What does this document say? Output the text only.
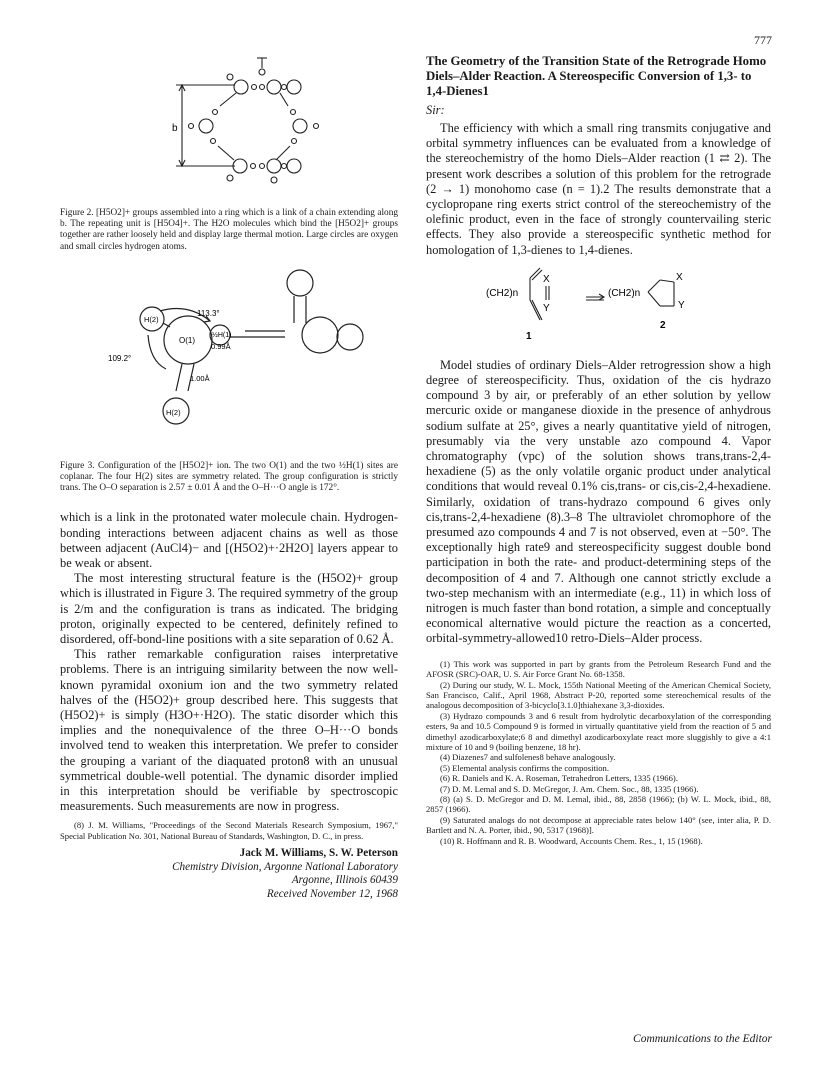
777
b

Figure 2. [H5O2]+ groups assembled into a ring which is a link of a chain extending along b. The repeating unit is [H5O4]+. The H2O molecules which bind the [H5O2]+ groups together are rather loosely held and display large thermal motion. Large circles are oxygen and small circles hydrogen atoms.

113.3°
H(2)
½H(1)
O(1)
0.99Å
109.2°
1.00Å
H(2)

Figure 3. Configuration of the [H5O2]+ ion. The two O(1) and the two ½H(1) sites are coplanar. The four H(2) sites are symmetry related. The group configuration is strictly trans. The O–O separation is 2.57 ± 0.01 Å and the O–H···O angle is 172°.

which is a link in the protonated water molecule chain. Hydrogen-bonding interactions between adjacent chains as well as those between adjacent (AuCl4)− and [(H5O2)+·2H2O] layers appear to be weak or absent.

The most interesting structural feature is the (H5O2)+ group which is illustrated in Figure 3. The required symmetry of the group is 2/m and the configuration is trans as indicated. The bridging proton, originally expected to be centered, definitely refined to disordered, off-bond-line positions with a site separation of 0.62 Å.

This rather remarkable configuration raises interpretative problems. There is an intriguing similarity between the now well-known pyramidal oxonium ion and the two symmetry related halves of the (H5O2)+ group described here. This suggests that (H5O2)+ is simply (H3O+·H2O). The static disorder which this implies and the nonequivalence of the three O–H···O bonds involved tend to weaken this interpretation. We prefer to consider the grouping a variant of the diaquated proton8 with an unusual symmetrical double-well potential. The dynamic disorder implied in this interpretation should be verifiable by spectroscopic measurements. Such measurements are now in progress.

(8) J. M. Williams, "Proceedings of the Second Materials Research Symposium, 1967," Special Publication No. 301, National Bureau of Standards, Washington, D. C., in press.

Jack M. Williams, S. W. Peterson

Chemistry Division, Argonne National Laboratory

Argonne, Illinois 60439

Received November 12, 1968

The Geometry of the Transition State of the Retrograde Homo Diels–Alder Reaction. A Stereospecific Conversion of 1,3- to 1,4-Dienes1

Sir:

The efficiency with which a small ring transmits conjugative and orbital symmetry influences can be evaluated from a knowledge of the stereochemistry of the homo Diels–Alder reaction (1 ⇄ 2). The present work describes a solution of this problem for the retrograde (2 → 1) monohomo case (n = 1).2 The results demonstrate that a cyclopropane ring exerts strict control of the stereochemistry of the olefinic product, even in the face of strongly countervailing steric effects. They also provide a stereospecific synthetic method for homologation of 1,3-dienes to 1,4-dienes.

(CH2)n
X
Y
(CH2)n
X
Y
1
2

Model studies of ordinary Diels–Alder retrogression show a high degree of stereospecificity. Thus, oxidation of the cis hydrazo compound 3 by air, or preferably of an ether solution by yellow mercuric oxide or manganese dioxide in the presence of anhydrous sodium sulfate at 25°, gives a nearly quantitative yield of nitrogen, presumably via the very unstable azo compound 4. Vapor chromatography (vpc) of the solution shows trans,trans-2,4-hexadiene (5) as the only volatile organic product under analytical conditions that would reveal 0.1% cis,trans- or cis,cis-2,4-hexadiene. Similarly, oxidation of trans-hydrazo compound 6 gives only cis,trans-2,4-hexadiene (8).3–8 The ultraviolet chromophore of the presumed azo compounds 4 and 7 is not observed, even at −50°. The exceptionally high rate9 and stereospecificity suggest double bond participation in both the rate- and product-determining steps of the decomposition of 4 and 7. Although one cannot strictly exclude a two-step mechanism with an intermediate (e.g., 11) in which loss of nitrogen is much faster than bond rotation, a simple and conceptually economical alternative would picture the reaction as a concerted, orbital-symmetry-allowed10 retro-Diels–Alder process.

(1) This work was supported in part by grants from the Petroleum Research Fund and the AFOSR (SRC)-OAR, U. S. Air Force Grant No. 68-1358.

(2) During our study, W. L. Mock, 155th National Meeting of the American Chemical Society, San Francisco, Calif., April 1968, Abstract P-20, reported some stereochemical results of the analogous decomposition of 3-bicyclo[3.1.0]thiahexane 3,3-dioxides.

(3) Hydrazo compounds 3 and 6 result from hydrolytic decarboxylation of the corresponding esters, 9a and 10.5 Compound 9 is formed in virtually quantitative yield from the reaction of 5 and dimethyl azodicarboxylate;6 8 and dimethyl azodicarboxylate react more sluggishly to give a 4:1 mixture of 10 and 9 (boiling benzene, 18 hr).

(4) Diazenes7 and sulfolenes8 behave analogously.

(5) Elemental analysis confirms the composition.

(6) R. Daniels and K. A. Roseman, Tetrahedron Letters, 1335 (1966).

(7) D. M. Lemal and S. D. McGregor, J. Am. Chem. Soc., 88, 1335 (1966).

(8) (a) S. D. McGregor and D. M. Lemal, ibid., 88, 2858 (1966); (b) W. L. Mock, ibid., 88, 2857 (1966).

(9) Saturated analogs do not decompose at appreciable rates below 140° (see, inter alia, P. D. Bartlett and N. A. Porter, ibid., 90, 5317 (1968)].

(10) R. Hoffmann and R. B. Woodward, Accounts Chem. Res., 1, 15 (1968).

Communications to the Editor
